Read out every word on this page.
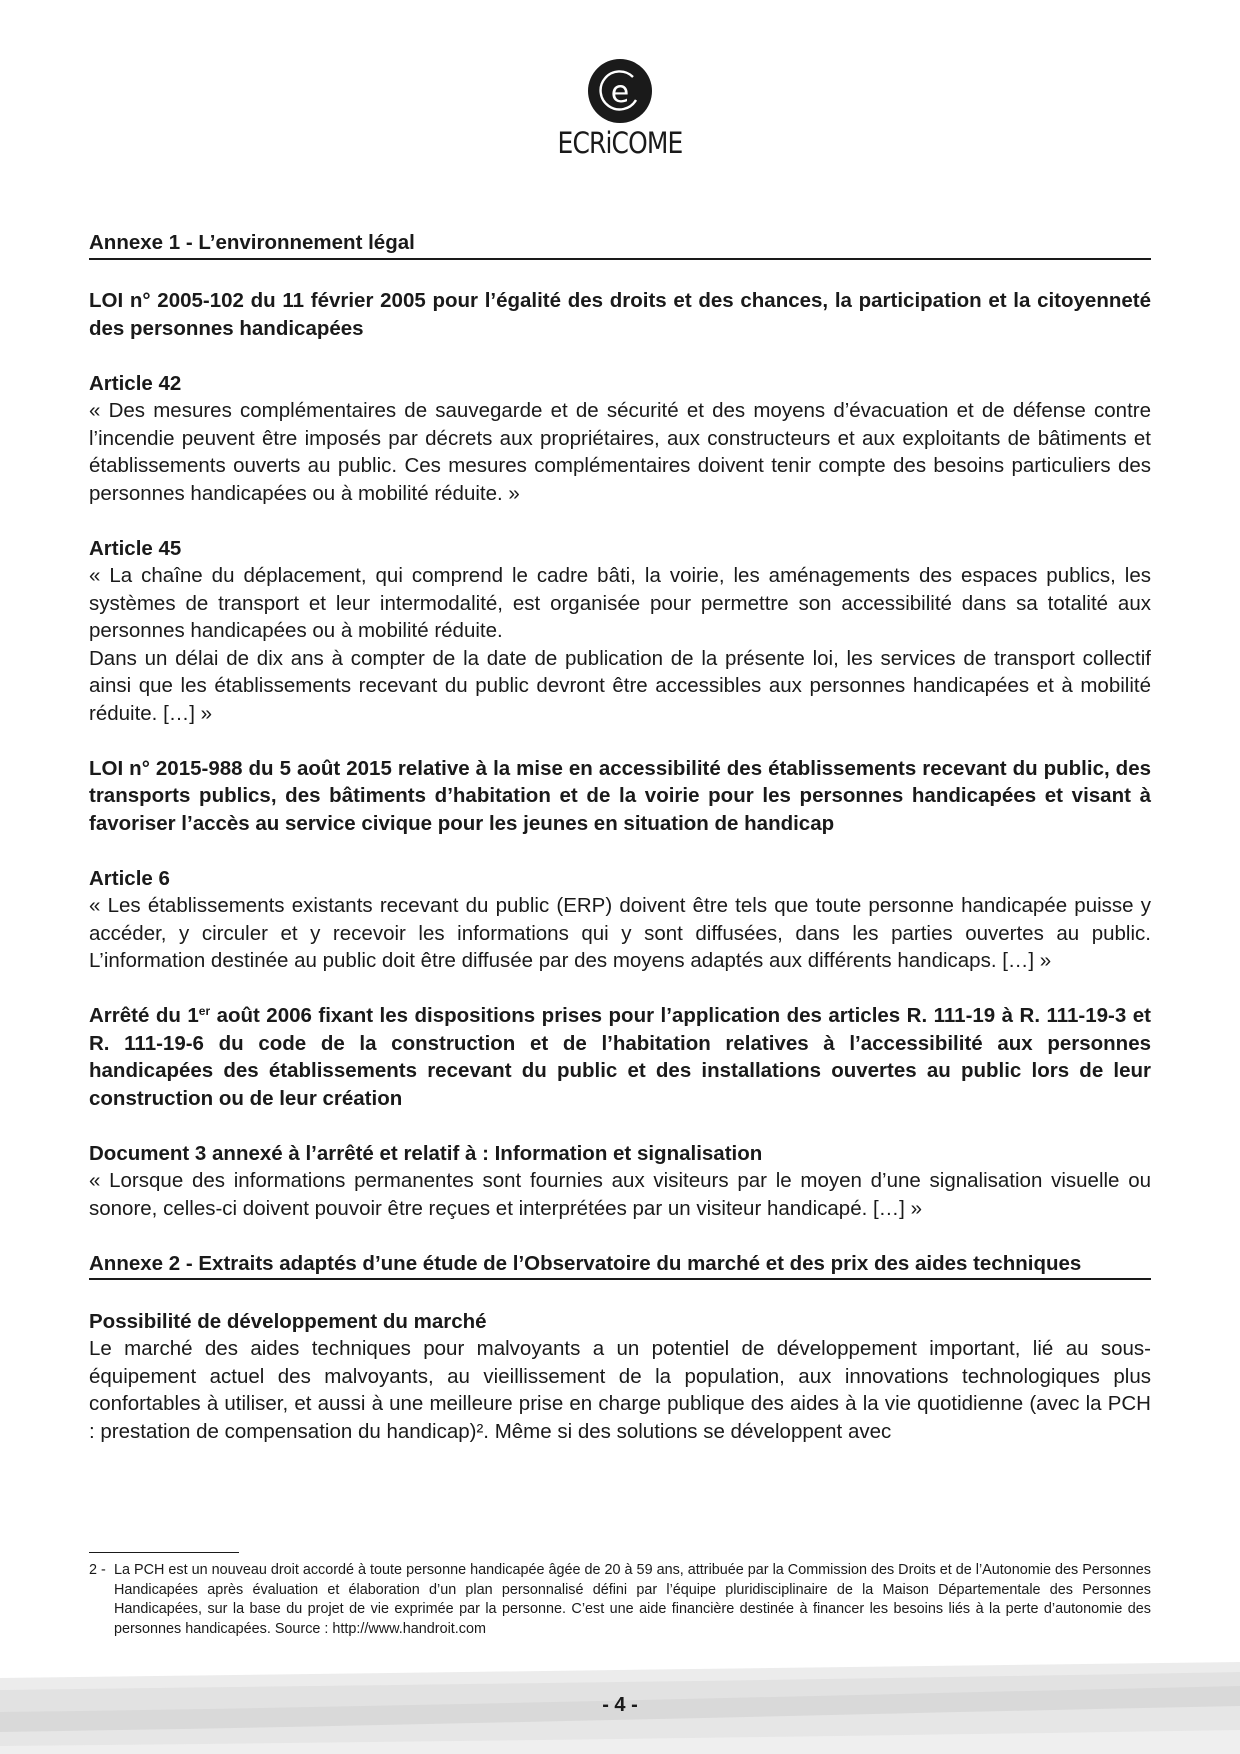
e
ECRiCOME

Annexe 1 - L’environnement légal

LOI n° 2005-102 du 11 février 2005 pour l’égalité des droits et des chances, la participation et la citoyenneté des personnes handicapées

Article 42

« Des mesures complémentaires de sauvegarde et de sécurité et des moyens d’évacuation et de défense contre l’incendie peuvent être imposés par décrets aux propriétaires, aux constructeurs et aux exploitants de bâtiments et établissements ouverts au public. Ces mesures complémentaires doivent tenir compte des besoins particuliers des personnes handicapées ou à mobilité réduite. »

Article 45

« La chaîne du déplacement, qui comprend le cadre bâti, la voirie, les aménagements des espaces publics, les systèmes de transport et leur intermodalité, est organisée pour permettre son accessibilité dans sa totalité aux personnes handicapées ou à mobilité réduite.

Dans un délai de dix ans à compter de la date de publication de la présente loi, les services de transport collectif ainsi que les établissements recevant du public devront être accessibles aux personnes handicapées et à mobilité réduite. […] »

LOI n° 2015-988 du 5 août 2015 relative à la mise en accessibilité des établissements recevant du public, des transports publics, des bâtiments d’habitation et de la voirie pour les personnes handicapées et visant à favoriser l’accès au service civique pour les jeunes en situation de handicap

Article 6

« Les établissements existants recevant du public (ERP) doivent être tels que toute personne handicapée puisse y accéder, y circuler et y recevoir les informations qui y sont diffusées, dans les parties ouvertes au public. L’information destinée au public doit être diffusée par des moyens adaptés aux différents handicaps. […] »

Arrêté du 1er août 2006 fixant les dispositions prises pour l’application des articles R. 111-19 à R. 111-19-3 et R. 111-19-6 du code de la construction et de l’habitation relatives à l’accessibilité aux personnes handicapées des établissements recevant du public et des installations ouvertes au public lors de leur construction ou de leur création

Document 3 annexé à l’arrêté et relatif à : Information et signalisation

« Lorsque des informations permanentes sont fournies aux visiteurs par le moyen d’une signalisation visuelle ou sonore, celles-ci doivent pouvoir être reçues et interprétées par un visiteur handicapé. […] »

Annexe 2 - Extraits adaptés d’une étude de l’Observatoire du marché et des prix des aides techniques

Possibilité de développement du marché

Le marché des aides techniques pour malvoyants a un potentiel de développement important, lié au sous-équipement actuel des malvoyants, au vieillissement de la population, aux innovations technologiques plus confortables à utiliser, et aussi à une meilleure prise en charge publique des aides à la vie quotidienne (avec la PCH : prestation de compensation du handicap)². Même si des solutions se développent avec

2 - La PCH est un nouveau droit accordé à toute personne handicapée âgée de 20 à 59 ans, attribuée par la Commission des Droits et de l’Autonomie des Personnes Handicapées après évaluation et élaboration d’un plan personnalisé défini par l’équipe pluridisciplinaire de la Maison Départementale des Personnes Handicapées, sur la base du projet de vie exprimée par la personne. C’est une aide financière destinée à financer les besoins liés à la perte d’autonomie des personnes handicapées. Source : http://www.handroit.com
- 4 -
